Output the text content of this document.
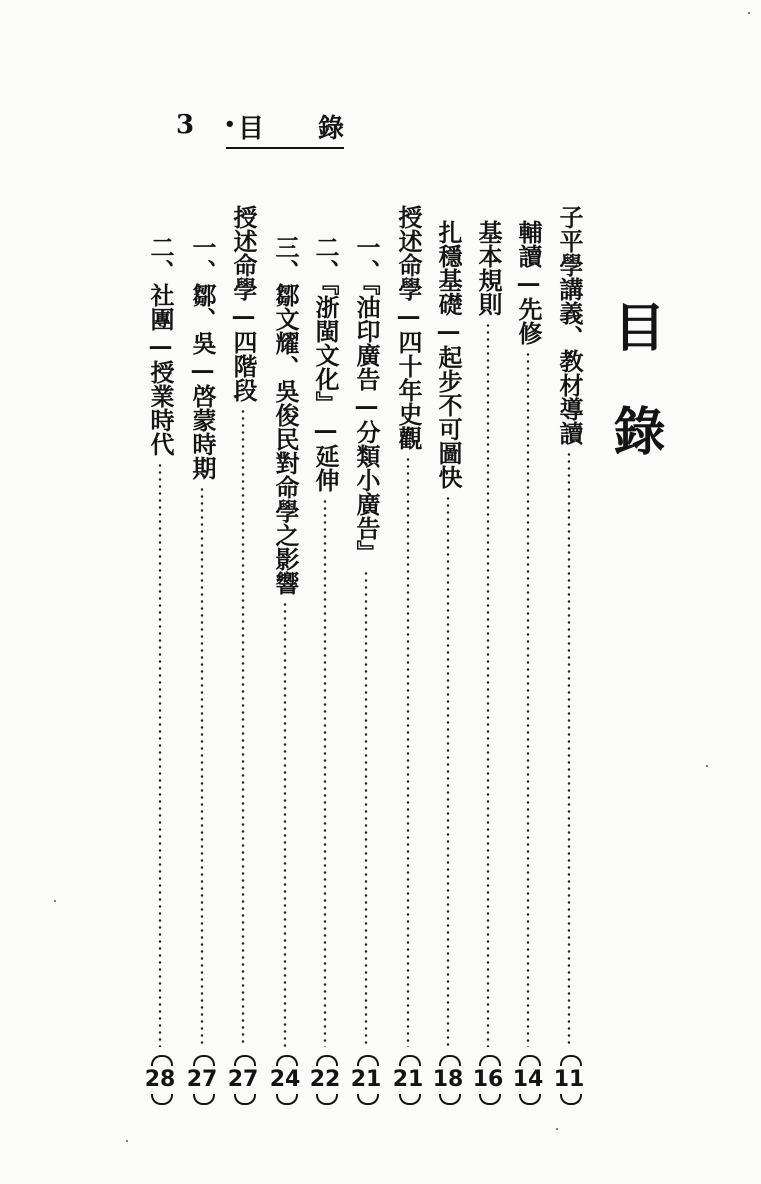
3 • 目 錄
目錄
子平學講義、教材導讀
11
輔讀—先修
14
基本規則
16
扎穩基礎—起步不可圖快
18
授述命學—四十年史觀
21
一、『油印廣告—分類小廣告』
21
二、『浙閩文化』—延伸
22
三、鄒文耀、吳俊民對命學之影響
24
授述命學—四階段
27
一、鄒、吳—啓蒙時期
27
二、社團—授業時代
28
